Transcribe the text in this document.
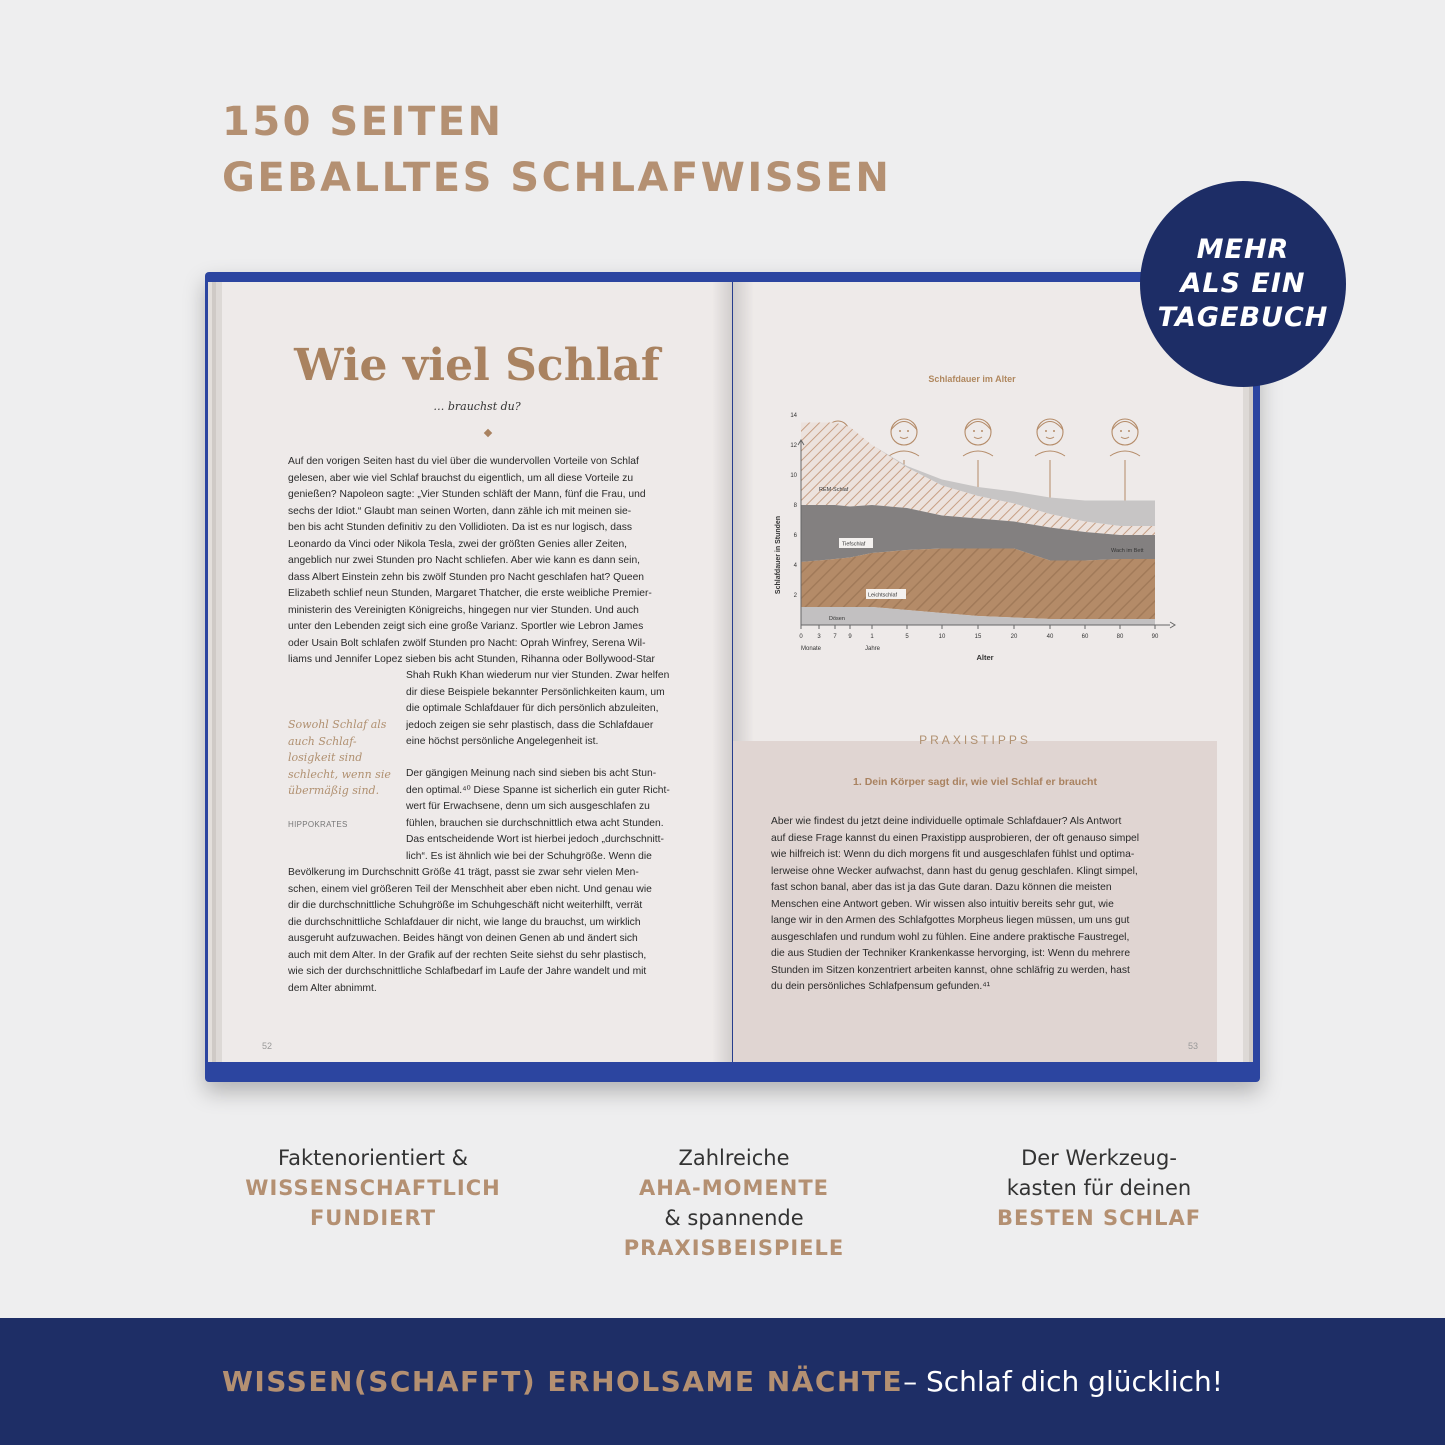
150 SEITEN
GEBALLTES SCHLAFWISSEN
MEHR
ALS EIN
TAGEBUCH
Wie viel Schlaf
… brauchst du?
Auf den vorigen Seiten hast du viel über die wundervollen Vorteile von Schlaf
gelesen, aber wie viel Schlaf brauchst du eigentlich, um all diese Vorteile zu
genießen? Napoleon sagte: „Vier Stunden schläft der Mann, fünf die Frau, und
sechs der Idiot.“ Glaubt man seinen Worten, dann zähle ich mit meinen sie-
ben bis acht Stunden definitiv zu den Vollidioten. Da ist es nur logisch, dass
Leonardo da Vinci oder Nikola Tesla, zwei der größten Genies aller Zeiten,
angeblich nur zwei Stunden pro Nacht schliefen. Aber wie kann es dann sein,
dass Albert Einstein zehn bis zwölf Stunden pro Nacht geschlafen hat? Queen
Elizabeth schlief neun Stunden, Margaret Thatcher, die erste weibliche Premier-
ministerin des Vereinigten Königreichs, hingegen nur vier Stunden. Und auch
unter den Lebenden zeigt sich eine große Varianz. Sportler wie Lebron James
oder Usain Bolt schlafen zwölf Stunden pro Nacht: Oprah Winfrey, Serena Wil-
liams und Jennifer Lopez sieben bis acht Stunden, Rihanna oder Bollywood-Star
Shah Rukh Khan wiederum nur vier Stunden. Zwar helfen
dir diese Beispiele bekannter Persönlichkeiten kaum, um
die optimale Schlafdauer für dich persönlich abzuleiten,
jedoch zeigen sie sehr plastisch, dass die Schlafdauer
eine höchst persönliche Angelegenheit ist.
Der gängigen Meinung nach sind sieben bis acht Stun-
den optimal.⁴⁰ Diese Spanne ist sicherlich ein guter Richt-
wert für Erwachsene, denn um sich ausgeschlafen zu
fühlen, brauchen sie durchschnittlich etwa acht Stunden.
Das entscheidende Wort ist hierbei jedoch „durchschnitt-
lich“. Es ist ähnlich wie bei der Schuhgröße. Wenn die
Bevölkerung im Durchschnitt Größe 41 trägt, passt sie zwar sehr vielen Men-
schen, einem viel größeren Teil der Menschheit aber eben nicht. Und genau wie
dir die durchschnittliche Schuhgröße im Schuhgeschäft nicht weiterhilft, verrät
die durchschnittliche Schlafdauer dir nicht, wie lange du brauchst, um wirklich
ausgeruht aufzuwachen. Beides hängt von deinen Genen ab und ändert sich
auch mit dem Alter. In der Grafik auf der rechten Seite siehst du sehr plastisch,
wie sich der durchschnittliche Schlafbedarf im Laufe der Jahre wandelt und mit
dem Alter abnimmt.
Sowohl Schlaf als auch Schlaf-losigkeit sind schlecht, wenn sie übermäßig sind.
HIPPOKRATES
52
PRAXISTIPPS
1. Dein Körper sagt dir, wie viel Schlaf er braucht
Aber wie findest du jetzt deine individuelle optimale Schlafdauer? Als Antwort
auf diese Frage kannst du einen Praxistipp ausprobieren, der oft genauso simpel
wie hilfreich ist: Wenn du dich morgens fit und ausgeschlafen fühlst und optima-
lerweise ohne Wecker aufwachst, dann hast du genug geschlafen. Klingt simpel,
fast schon banal, aber das ist ja das Gute daran. Dazu können die meisten
Menschen eine Antwort geben. Wir wissen also intuitiv bereits sehr gut, wie
lange wir in den Armen des Schlafgottes Morpheus liegen müssen, um uns gut
ausgeschlafen und rundum wohl zu fühlen. Eine andere praktische Faustregel,
die aus Studien der Techniker Krankenkasse hervorging, ist: Wenn du mehrere
Stunden im Sitzen konzentriert arbeiten kannst, ohne schläfrig zu werden, hast
du dein persönliches Schlafpensum gefunden.⁴¹
53
Schlafdauer im Alter
2
4
6
8
10
12
14
0 3 7 9	1	5	10	15	20	40	60	80	90
Monate	Jahre
Alter
Schlafdauer in Stunden
REM-Schlaf
Tiefschlaf
Leichtschlaf
Dösen
Wach im Bett
Faktenorientiert &
WISSENSCHAFTLICH
FUNDIERT
Zahlreiche
AHA-MOMENTE
& spannende
PRAXISBEISPIELE
Der Werkzeug-
kasten für deinen
BESTEN SCHLAF
WISSEN(SCHAFFT) ERHOLSAME NÄCHTE – Schlaf dich glücklich!
